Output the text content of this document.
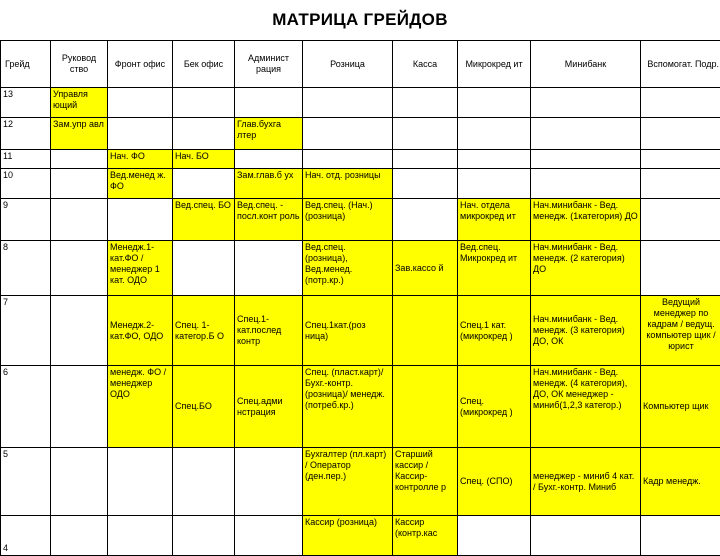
МАТРИЦА ГРЕЙДОВ
Грейд	Руковод ство	Фронт офис	Бек офис	Админист рация	Розница	Касса	Микрокред ит	Минибанк	Вспомогат. Подр.
13	Управля ющий								
12	Зам.упр авл			Глав.бухга лтер					
11		Нач. ФО	Нач. БО						
10		Вед.менед ж. ФО		Зам.глав.б ух	Нач. отд. розницы				
9			Вед.спец. БО	Вед.спец. - посл.конт роль	Вед.спец. (Нач.) (розница)		Нач. отдела микрокред ит	Нач.минибанк - Вед. менедж. (1категория) ДО	
8		Менедж.1-кат.ФО / менеджер 1 кат. ОДО			Вед.спец. (розница), Вед.менед. (потр.кр.)	Зав.кассо й	Вед.спец. Микрокред ит	Нач.минибанк - Вед. менедж. (2 категория) ДО	
7		Менедж.2-кат.ФО, ОДО	Спец. 1-категор.Б О	Спец.1-кат.послед контр	Спец.1кат.(роз ница)		Спец.1 кат. (микрокред )	Нач.минибанк - Вед. менедж. (3 категория) ДО, ОК	Ведущий менеджер по кадрам / ведущ. компьютер щик / юрист
6		менедж. ФО / менеджер ОДО	Спец.БО	Спец.адми нстрация	Спец. (пласт.карт)/ Бухг.-контр. (розница)/ менедж. (потреб.кр.)		Спец. (микрокред )	Нач.минибанк - Вед. менедж. (4 категория), ДО, ОК менеджер - миниб(1,2,3 категор.)	Компьютер щик
5					Бухгалтер (пл.карт) / Оператор (ден.пер.)	Старший кассир / Кассир-контролле р	Спец. (СПО)	менеджер - миниб 4 кат. / Бухг.-контр. Миниб	Кадр менедж.
4					Кассир (розница)	Кассир (контр.кас			
